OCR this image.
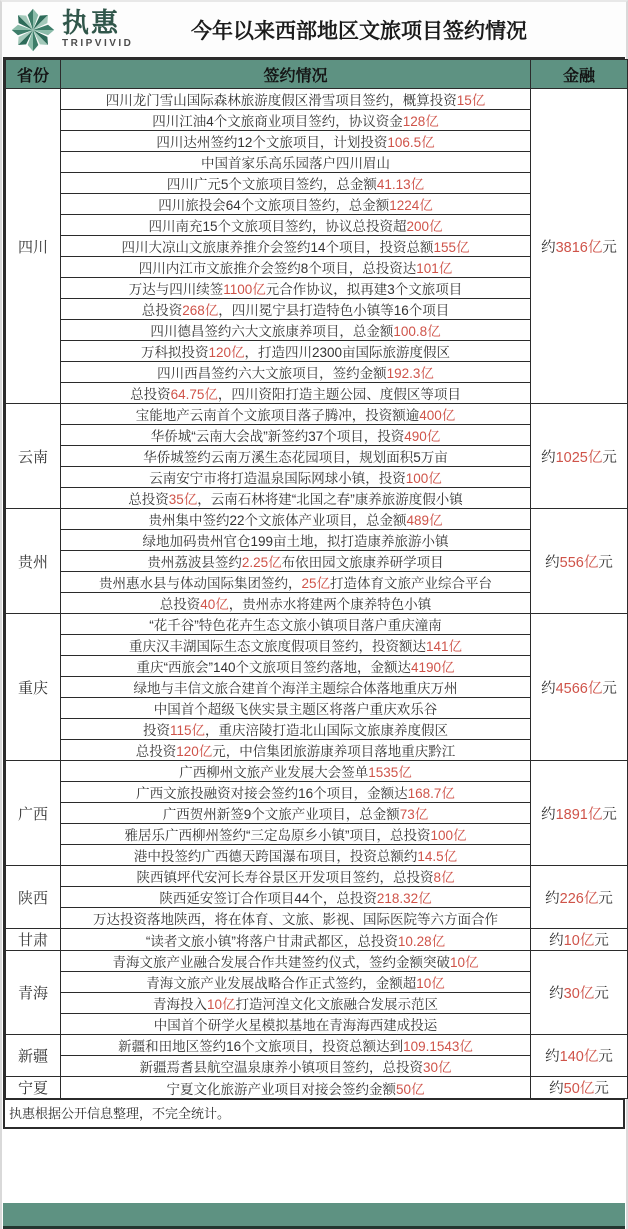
执惠
TRIPVIVID
今年以来西部地区文旅项目签约情况
省份	签约情况	金融
四川	四川龙门雪山国际森林旅游度假区滑雪项目签约，概算投资15亿	约3816亿元
	四川江油4个文旅商业项目签约，协议资金128亿	
	四川达州签约12个文旅项目，计划投资106.5亿	
	中国首家乐高乐园落户四川眉山	
	四川广元5个文旅项目签约，总金额41.13亿	
	四川旅投会64个文旅项目签约，总金额1224亿	
	四川南充15个文旅项目签约，协议总投资超200亿	
	四川大凉山文旅康养推介会签约14个项目，投资总额155亿	
	四川内江市文旅推介会签约8个项目，总投资达101亿	
	万达与四川续签1100亿元合作协议，拟再建3个文旅项目	
	总投资268亿，四川冕宁县打造特色小镇等16个项目	
	四川德昌签约六大文旅康养项目，总金额100.8亿	
	万科拟投资120亿，打造四川2300亩国际旅游度假区	
	四川西昌签约六大文旅项目，签约金额192.3亿	
	总投资64.75亿，四川资阳打造主题公园、度假区等项目	
云南	宝能地产云南首个文旅项目落子腾冲，投资额逾400亿	约1025亿元
	华侨城“云南大会战”新签约37个项目，投资490亿	
	华侨城签约云南万溪生态花园项目，规划面积5万亩	
	云南安宁市将打造温泉国际网球小镇，投资100亿	
	总投资35亿，云南石林将建“北国之春”康养旅游度假小镇	
贵州	贵州集中签约22个文旅体产业项目，总金额489亿	约556亿元
	绿地加码贵州官仓199亩土地，拟打造康养旅游小镇	
	贵州荔波县签约2.25亿布依田园文旅康养研学项目	
	贵州惠水县与体动国际集团签约，25亿打造体育文旅产业综合平台	
	总投资40亿，贵州赤水将建两个康养特色小镇	
重庆	“花千谷”特色花卉生态文旅小镇项目落户重庆潼南	约4566亿元
	重庆汉丰湖国际生态文旅度假项目签约，投资额达141亿	
	重庆“西旅会”140个文旅项目签约落地，金额达4190亿	
	绿地与丰信文旅合建首个海洋主题综合体落地重庆万州	
	中国首个超级飞侠实景主题区将落户重庆欢乐谷	
	投资115亿，重庆涪陵打造北山国际文旅康养度假区	
	总投资120亿元，中信集团旅游康养项目落地重庆黔江	
广西	广西柳州文旅产业发展大会签单1535亿	约1891亿元
	广西文旅投融资对接会签约16个项目，金额达168.7亿	
	广西贺州新签9个文旅产业项目，总金额73亿	
	雅居乐广西柳州签约“三定岛原乡小镇”项目，总投资100亿	
	港中投签约广西德天跨国瀑布项目，投资总额约14.5亿	
陕西	陕西镇坪代安河长寿谷景区开发项目签约，总投资8亿	约226亿元
	陕西延安签订合作项目44个，总投资218.32亿	
	万达投资落地陕西，将在体育、文旅、影视、国际医院等六方面合作	
甘肃	“读者文旅小镇”将落户甘肃武都区，总投资10.28亿	约10亿元
青海	青海文旅产业融合发展合作共建签约仪式，签约金额突破10亿	约30亿元
	青海文旅产业发展战略合作正式签约，金额超10亿	
	青海投入10亿打造河湟文化文旅融合发展示范区	
	中国首个研学火星模拟基地在青海海西建成投运	
新疆	新疆和田地区签约16个文旅项目，投资总额达到109.1543亿	约140亿元
	新疆焉耆县航空温泉康养小镇项目签约，总投资30亿	
宁夏	宁夏文化旅游产业项目对接会签约金额50亿	约50亿元
执惠根据公开信息整理，不完全统计。
